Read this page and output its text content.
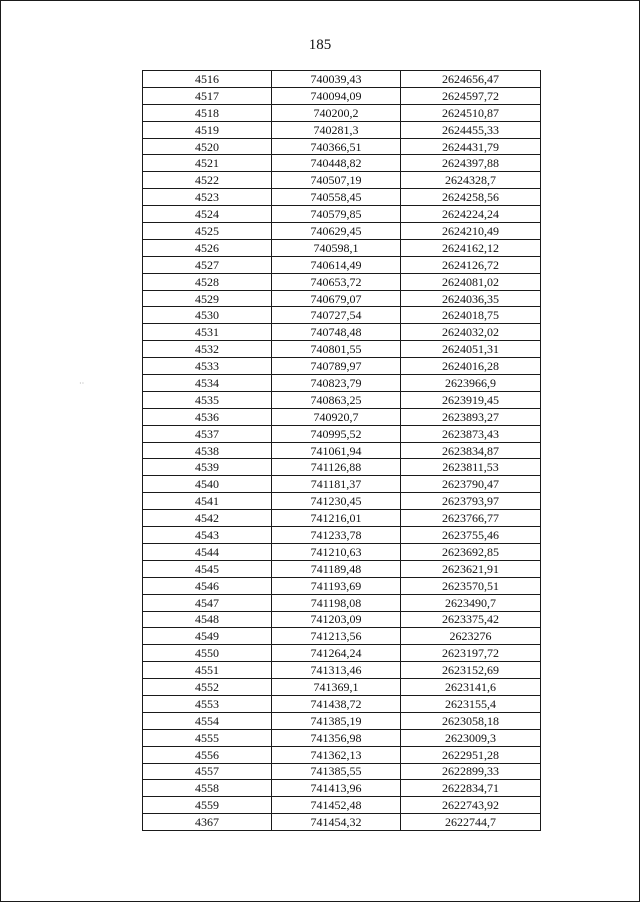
185
··
4516	740039,43	2624656,47
4517	740094,09	2624597,72
4518	740200,2	2624510,87
4519	740281,3	2624455,33
4520	740366,51	2624431,79
4521	740448,82	2624397,88
4522	740507,19	2624328,7
4523	740558,45	2624258,56
4524	740579,85	2624224,24
4525	740629,45	2624210,49
4526	740598,1	2624162,12
4527	740614,49	2624126,72
4528	740653,72	2624081,02
4529	740679,07	2624036,35
4530	740727,54	2624018,75
4531	740748,48	2624032,02
4532	740801,55	2624051,31
4533	740789,97	2624016,28
4534	740823,79	2623966,9
4535	740863,25	2623919,45
4536	740920,7	2623893,27
4537	740995,52	2623873,43
4538	741061,94	2623834,87
4539	741126,88	2623811,53
4540	741181,37	2623790,47
4541	741230,45	2623793,97
4542	741216,01	2623766,77
4543	741233,78	2623755,46
4544	741210,63	2623692,85
4545	741189,48	2623621,91
4546	741193,69	2623570,51
4547	741198,08	2623490,7
4548	741203,09	2623375,42
4549	741213,56	2623276
4550	741264,24	2623197,72
4551	741313,46	2623152,69
4552	741369,1	2623141,6
4553	741438,72	2623155,4
4554	741385,19	2623058,18
4555	741356,98	2623009,3
4556	741362,13	2622951,28
4557	741385,55	2622899,33
4558	741413,96	2622834,71
4559	741452,48	2622743,92
4367	741454,32	2622744,7
